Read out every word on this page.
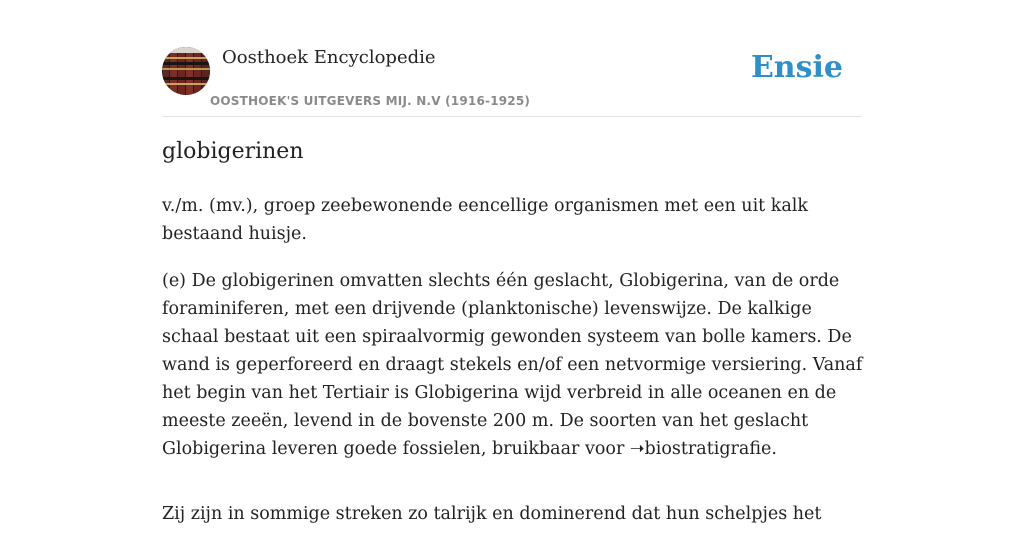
Oosthoek Encyclopedie
OOSTHOEK'S UITGEVERS MIJ. N.V (1916-1925)
Ensie
globigerinen

v./m. (mv.), groep zeebewonende eencellige organismen met een uit kalk bestaand huisje.

(e) De globigerinen omvatten slechts één geslacht, Globigerina, van de orde foraminiferen, met een drijvende (planktonische) levenswijze. De kalkige schaal bestaat uit een spiraalvormig gewonden systeem van bolle kamers. De wand is geperforeerd en draagt stekels en/of een netvormige versiering. Vanaf het begin van het Tertiair is Globigerina wijd verbreid in alle oceanen en de meeste zeeën, levend in de bovenste 200 m. De soorten van het geslacht Globigerina leveren goede fossielen, bruikbaar voor ➝biostratigrafie.

Zij zijn in sommige streken zo talrijk en dominerend dat hun schelpjes het
